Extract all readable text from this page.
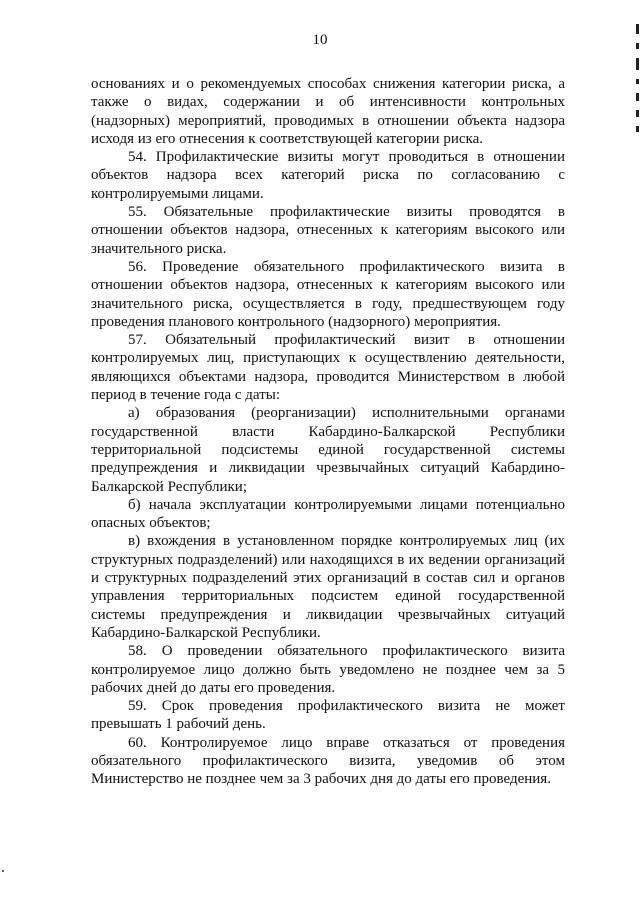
10

основаниях и о рекомендуемых способах снижения категории риска, а также о видах, содержании и об интенсивности контрольных (надзорных) мероприятий, проводимых в отношении объекта надзора исходя из его отнесения к соответствующей категории риска.

54. Профилактические визиты могут проводиться в отношении объектов надзора всех категорий риска по согласованию с контролируемыми лицами.

55. Обязательные профилактические визиты проводятся в отношении объектов надзора, отнесенных к категориям высокого или значительного риска.

56. Проведение обязательного профилактического визита в отношении объектов надзора, отнесенных к категориям высокого или значительного риска, осуществляется в году, предшествующем году проведения планового контрольного (надзорного) мероприятия.

57. Обязательный профилактический визит в отношении контролируемых лиц, приступающих к осуществлению деятельности, являющихся объектами надзора, проводится Министерством в любой период в течение года с даты:

а) образования (реорганизации) исполнительными органами государственной власти Кабардино-Балкарской Республики территориальной подсистемы единой государственной системы предупреждения и ликвидации чрезвычайных ситуаций Кабардино-Балкарской Республики;

б) начала эксплуатации контролируемыми лицами потенциально опасных объектов;

в) вхождения в установленном порядке контролируемых лиц (их структурных подразделений) или находящихся в их ведении организаций и структурных подразделений этих организаций в состав сил и органов управления территориальных подсистем единой государственной системы предупреждения и ликвидации чрезвычайных ситуаций Кабардино-Балкарской Республики.

58. О проведении обязательного профилактического визита контролируемое лицо должно быть уведомлено не позднее чем за 5 рабочих дней до даты его проведения.

59. Срок проведения профилактического визита не может превышать 1 рабочий день.

60. Контролируемое лицо вправе отказаться от проведения обязательного профилактического визита, уведомив об этом Министерство не позднее чем за 3 рабочих дня до даты его проведения.
